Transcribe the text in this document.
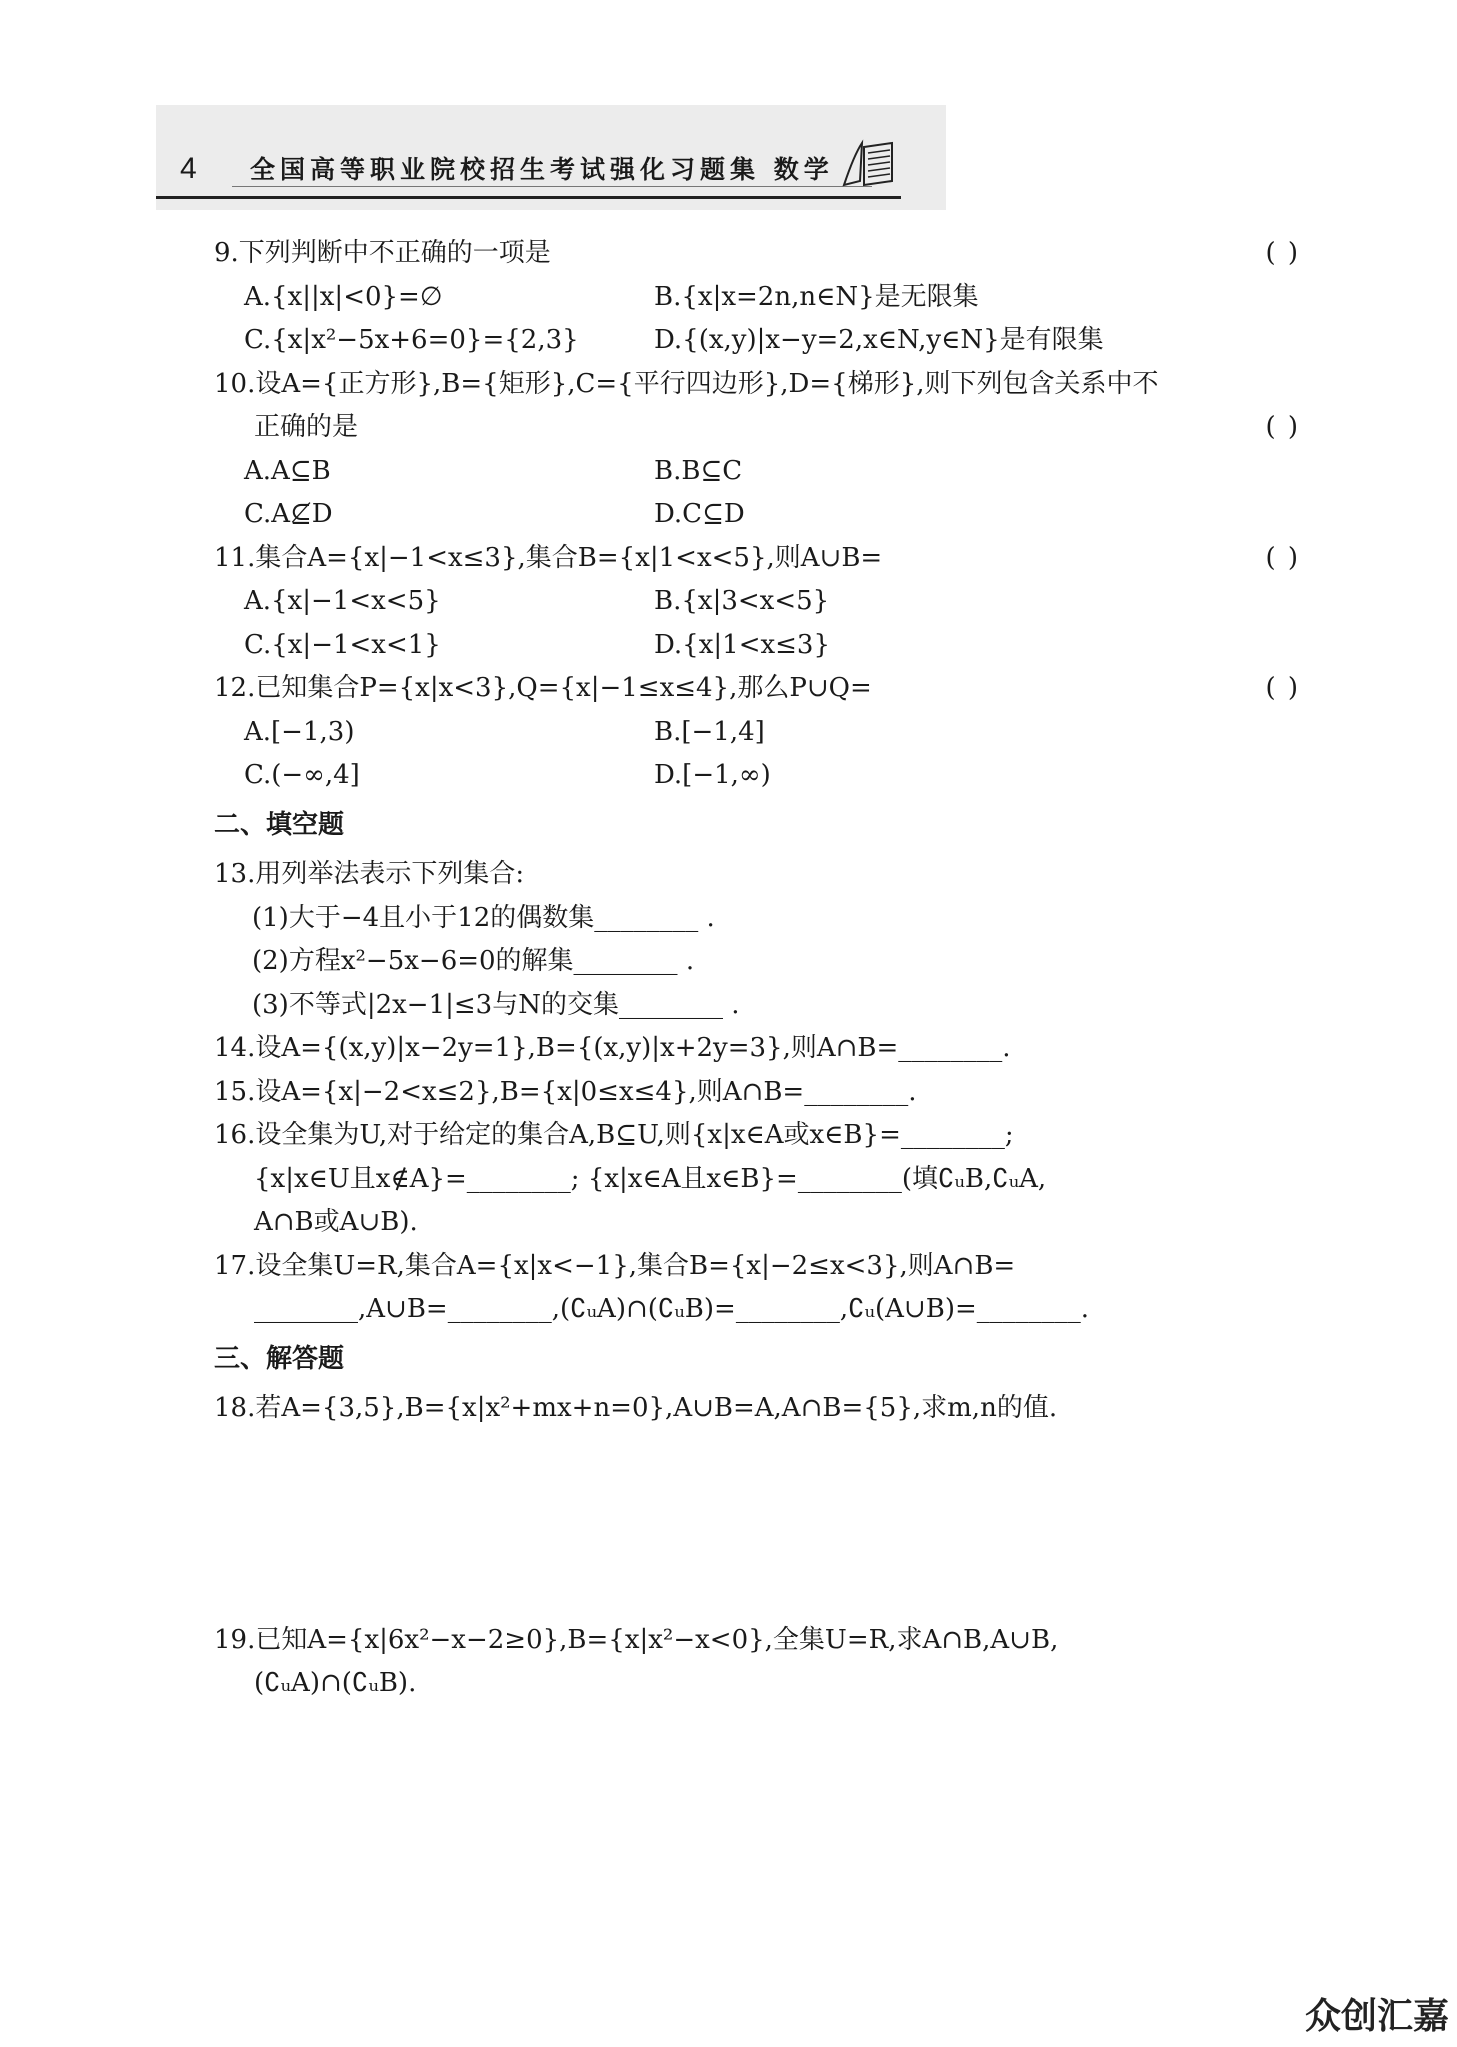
4 全国高等职业院校招生考试强化习题集 数学
9.下列判断中不正确的一项是	( )
A.{x||x|<0}=∅	B.{x|x=2n,n∈N}是无限集
C.{x|x²−5x+6=0}={2,3}	D.{(x,y)|x−y=2,x∈N,y∈N}是有限集
10.设A={正方形},B={矩形},C={平行四边形},D={梯形},则下列包含关系中不
正确的是	( )
A.A⊆B	B.B⊆C
C.A⊈D	D.C⊆D
11.集合A={x|−1<x≤3},集合B={x|1<x<5},则A∪B=	( )
A.{x|−1<x<5}	B.{x|3<x<5}
C.{x|−1<x<1}	D.{x|1<x≤3}
12.已知集合P={x|x<3},Q={x|−1≤x≤4},那么P∪Q=	( )
A.[−1,3)	B.[−1,4]
C.(−∞,4]	D.[−1,∞)
二、填空题
13.用列举法表示下列集合:
(1)大于−4且小于12的偶数集________ .
(2)方程x²−5x−6=0的解集________ .
(3)不等式|2x−1|≤3与N的交集________ .
14.设A={(x,y)|x−2y=1},B={(x,y)|x+2y=3},则A∩B=________.
15.设A={x|−2<x≤2},B={x|0≤x≤4},则A∩B=________.
16.设全集为U,对于给定的集合A,B⊆U,则{x|x∈A或x∈B}=________;
{x|x∈U且x∉A}=________; {x|x∈A且x∈B}=________(填∁ᵤB,∁ᵤA,
A∩B或A∪B).
17.设全集U=R,集合A={x|x<−1},集合B={x|−2≤x<3},则A∩B=
________,A∪B=________,(∁ᵤA)∩(∁ᵤB)=________,∁ᵤ(A∪B)=________.
三、解答题
18.若A={3,5},B={x|x²+mx+n=0},A∪B=A,A∩B={5},求m,n的值.
19.已知A={x|6x²−x−2≥0},B={x|x²−x<0},全集U=R,求A∩B,A∪B,
(∁ᵤA)∩(∁ᵤB).
众创汇嘉
